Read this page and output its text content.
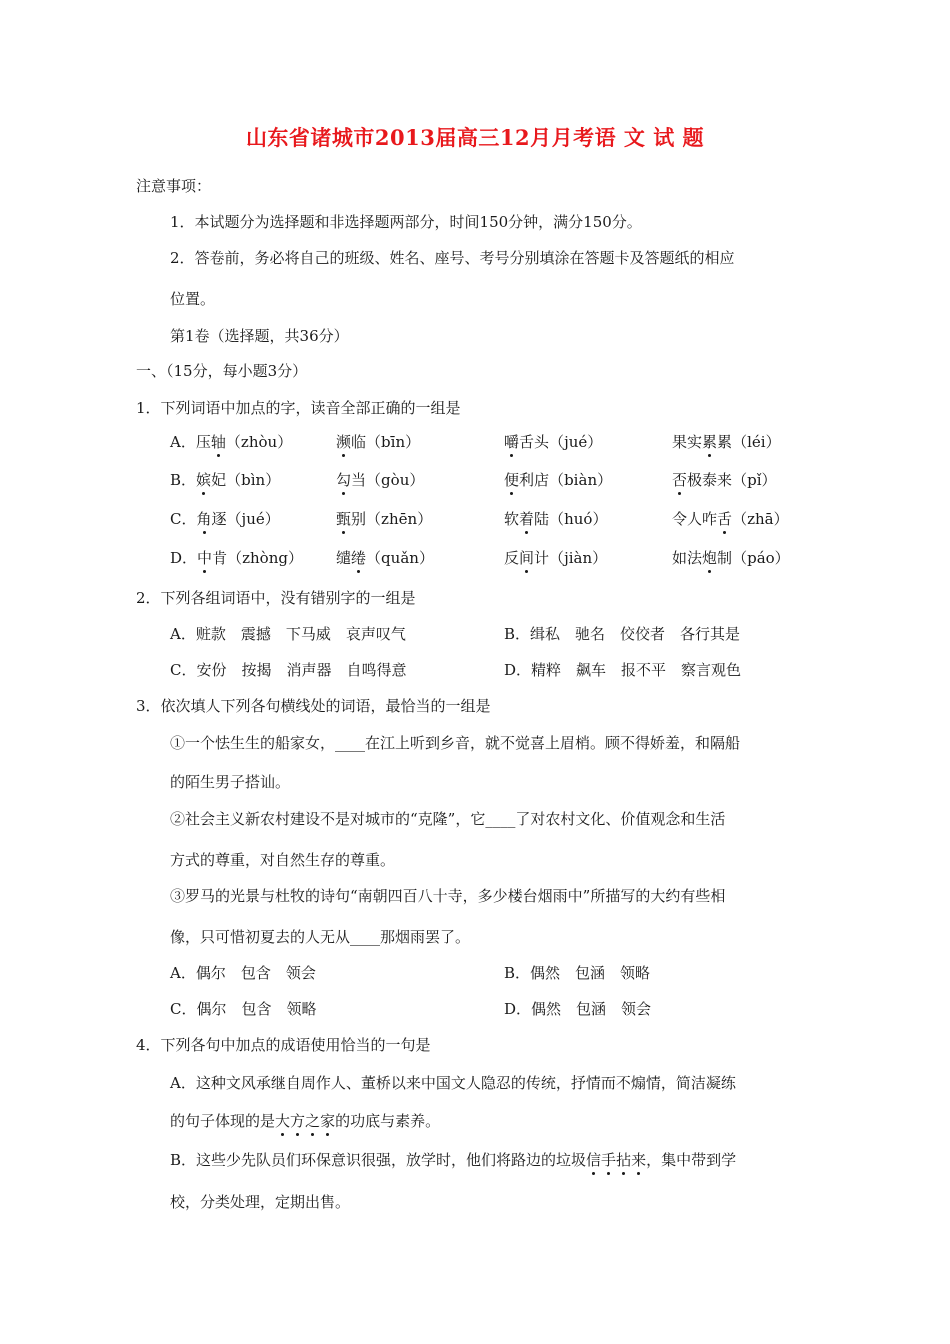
山东省诸城市2013届高三12月月考语 文 试 题
注意事项：
1．本试题分为选择题和非选择题两部分，时间150分钟，满分150分。
2．答卷前，务必将自己的班级、姓名、座号、考号分别填涂在答题卡及答题纸的相应
位置。
第1卷（选择题，共36分）
一、（15分，每小题3分）
1．下列词语中加点的字，读音全部正确的一组是
A．压轴（zhòu）	濒临（bīn）	嚼舌头（jué）	果实累累（léi）
B．嫔妃（bìn）	勾当（gòu）	便利店（biàn）	否极泰来（pǐ）
C．角逐（jué）	甄别（zhēn）	软着陆（huó）	令人咋舌（zhā）
D．中肯（zhòng） 缱绻（quǎn）	反间计（jiàn）	如法炮制（páo）
2．下列各组词语中，没有错别字的一组是
A．赃款　震撼　下马威　哀声叹气	B．缉私　驰名　佼佼者　各行其是
C．安份　按揭　消声器　自鸣得意	D．精粹　飙车　报不平　察言观色
3．依次填人下列各句横线处的词语，最恰当的一组是
①一个怯生生的船家女，____在江上听到乡音，就不觉喜上眉梢。顾不得娇羞，和隔船
的陌生男子搭讪。
②社会主义新农村建设不是对城市的“克隆”，它____了对农村文化、价值观念和生活
方式的尊重，对自然生存的尊重。
③罗马的光景与杜牧的诗句“南朝四百八十寺，多少楼台烟雨中”所描写的大约有些相
像，只可惜初夏去的人无从____那烟雨罢了。
A．偶尔　包含　领会	B．偶然　包涵　领略
C．偶尔　包含　领略	D．偶然　包涵　领会
4．下列各句中加点的成语使用恰当的一句是
A．这种文风承继自周作人、董桥以来中国文人隐忍的传统，抒情而不煽情，简洁凝练
的句子体现的是大方之家的功底与素养。
B．这些少先队员们环保意识很强，放学时，他们将路边的垃圾信手拈来，集中带到学
校，分类处理，定期出售。
